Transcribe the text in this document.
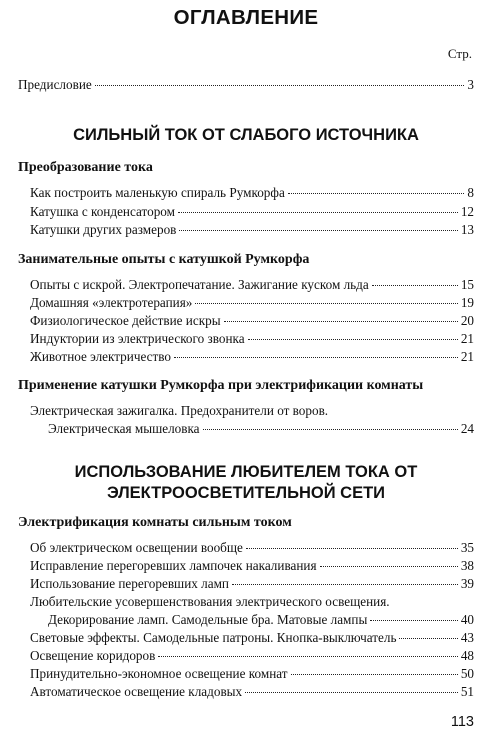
ОГЛАВЛЕНИЕ
Стр.
Предисловие	3
СИЛЬНЫЙ ТОК ОТ СЛАБОГО ИСТОЧНИКА
Преобразование тока
Как построить маленькую спираль Румкорфа	8
Катушка с конденсатором	12
Катушки других размеров	13
Занимательные опыты с катушкой Румкорфа
Опыты с искрой. Электропечатание. Зажигание куском льда	15
Домашняя «электротерапия»	19
Физиологическое действие искры	20
Индуктории из электрического звонка	21
Животное электричество	21
Применение катушки Румкорфа при электрификации комнаты
Электрическая зажигалка. Предохранители от воров.
Электрическая мышеловка	24
ИСПОЛЬЗОВАНИЕ ЛЮБИТЕЛЕМ ТОКА ОТ
ЭЛЕКТРООСВЕТИТЕЛЬНОЙ СЕТИ
Электрификация комнаты сильным током
Об электрическом освещении вообще	35
Исправление перегоревших лампочек накаливания	38
Использование перегоревших ламп	39
Любительские усовершенствования электрического освещения.
Декорирование ламп. Самодельные бра. Матовые лампы	40
Световые эффекты. Самодельные патроны. Кнопка-выключатель	43
Освещение коридоров	48
Принудительно-экономное освещение комнат	50
Автоматическое освещение кладовых	51
113
